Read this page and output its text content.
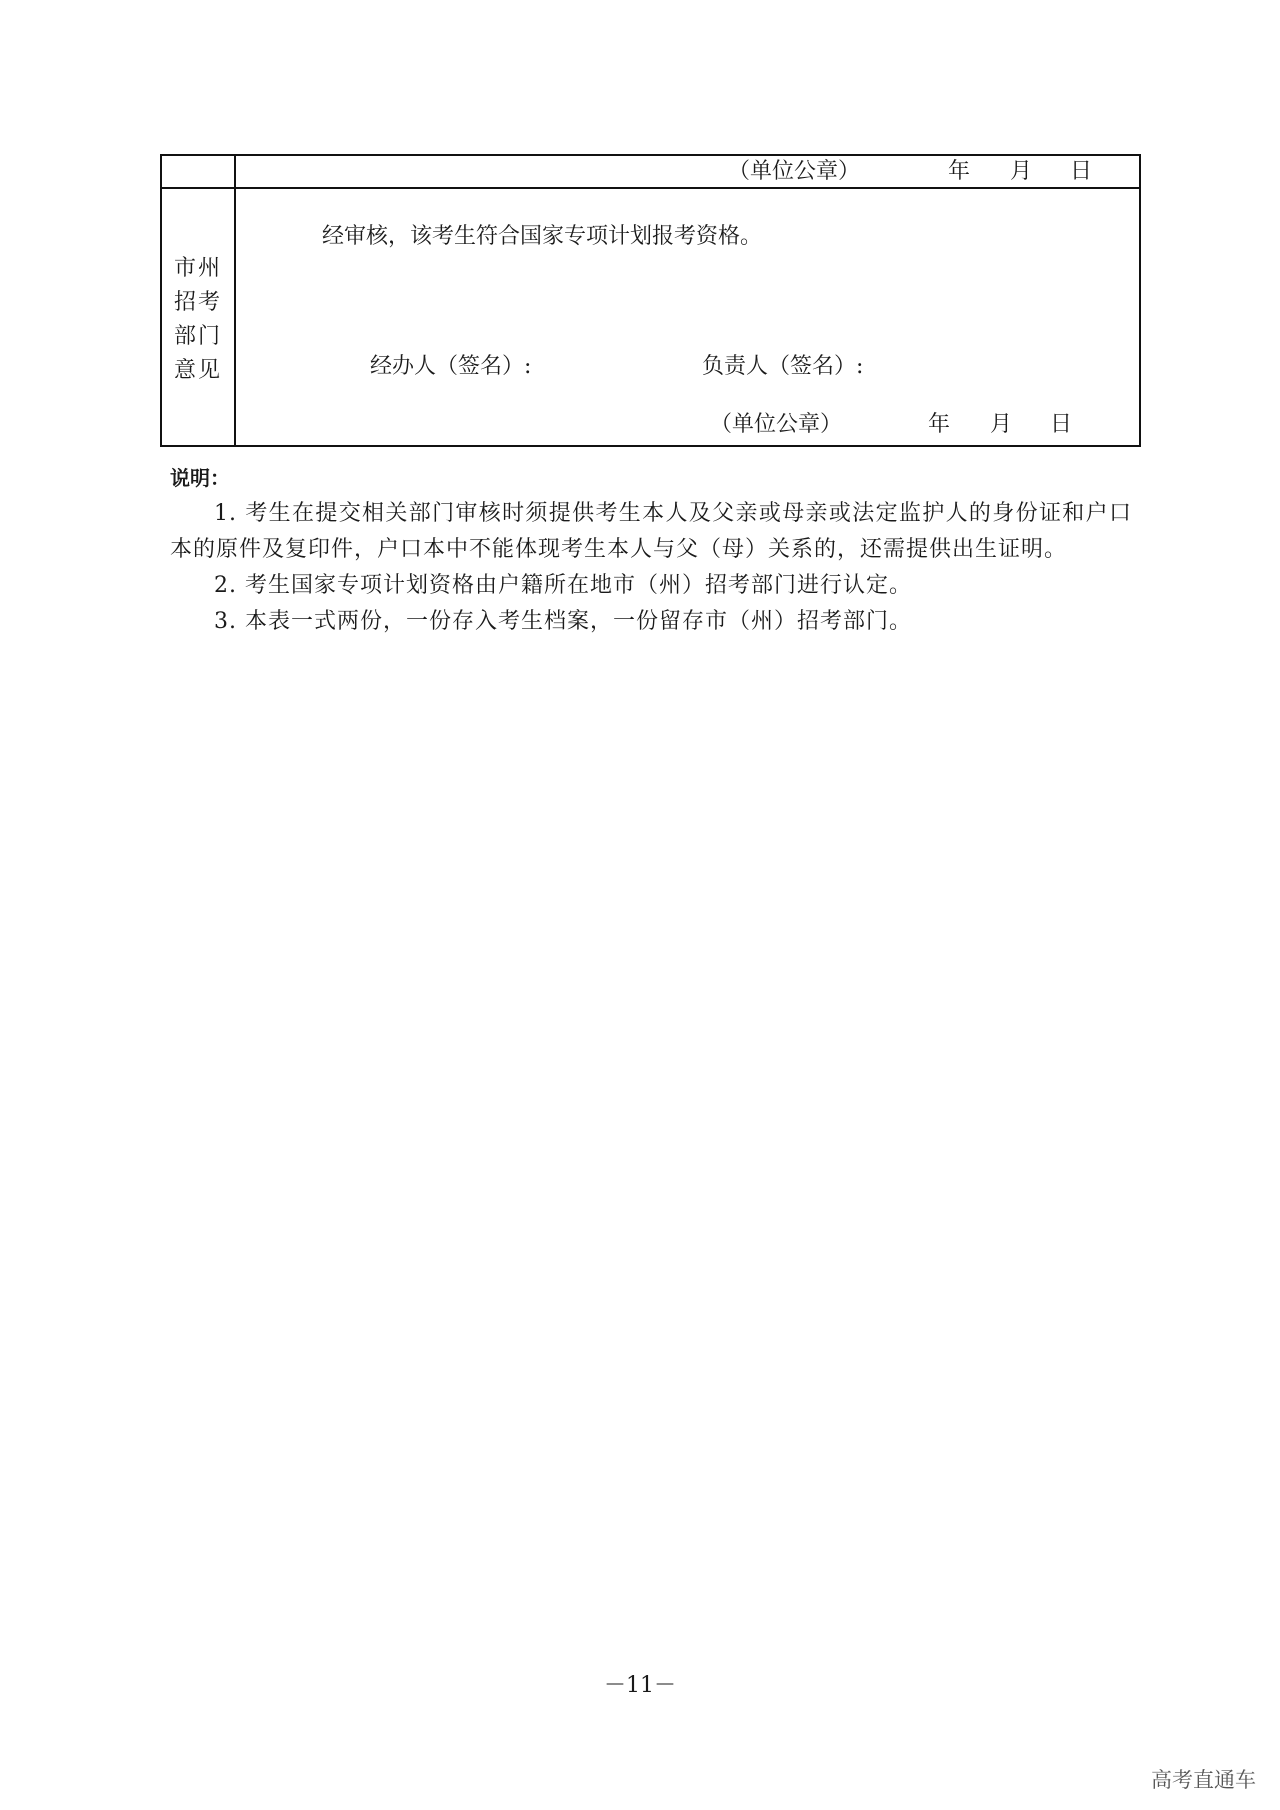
（单位公章）	年 月 日
市州
招考
部门
意见
经审核，该考生符合国家专项计划报考资格。
经办人（签名）:	负责人（签名）:
（单位公章）	年 月 日
说明：
1. 考生在提交相关部门审核时须提供考生本人及父亲或母亲或法定监护人的身份证和户口本的原件及复印件，户口本中不能体现考生本人与父（母）关系的，还需提供出生证明。
2. 考生国家专项计划资格由户籍所在地市（州）招考部门进行认定。
3. 本表一式两份，一份存入考生档案，一份留存市（州）招考部门。
－11－
高考直通车
